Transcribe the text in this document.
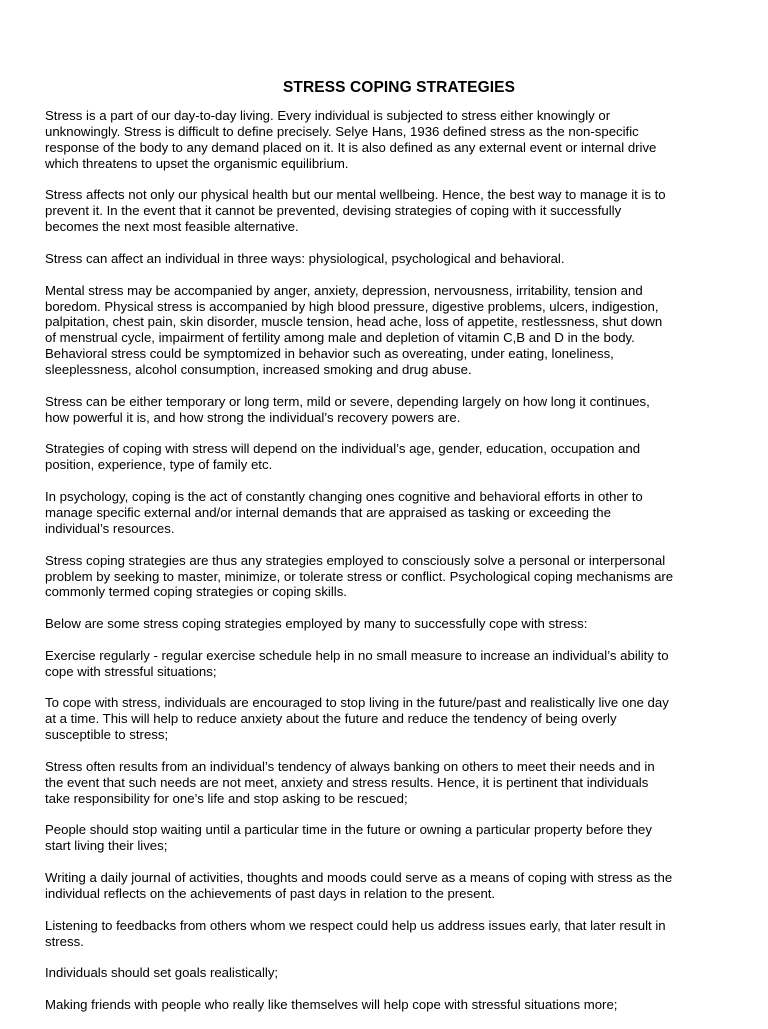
STRESS COPING STRATEGIES

Stress is a part of our day-to-day living. Every individual is subjected to stress either knowingly or
unknowingly. Stress is difficult to define precisely. Selye Hans, 1936 defined stress as the non-specific
response of the body to any demand placed on it. It is also defined as any external event or internal drive
which threatens to upset the organismic equilibrium.

Stress affects not only our physical health but our mental wellbeing. Hence, the best way to manage it is to
prevent it. In the event that it cannot be prevented, devising strategies of coping with it successfully
becomes the next most feasible alternative.

Stress can affect an individual in three ways: physiological, psychological and behavioral.

Mental stress may be accompanied by anger, anxiety, depression, nervousness, irritability, tension and
boredom. Physical stress is accompanied by high blood pressure, digestive problems, ulcers, indigestion,
palpitation, chest pain, skin disorder, muscle tension, head ache, loss of appetite, restlessness, shut down
of menstrual cycle, impairment of fertility among male and depletion of vitamin C,B and D in the body.
Behavioral stress could be symptomized in behavior such as overeating, under eating, loneliness,
sleeplessness, alcohol consumption, increased smoking and drug abuse.

Stress can be either temporary or long term, mild or severe, depending largely on how long it continues,
how powerful it is, and how strong the individual’s recovery powers are.

Strategies of coping with stress will depend on the individual’s age, gender, education, occupation and
position, experience, type of family etc.

In psychology, coping is the act of constantly changing ones cognitive and behavioral efforts in other to
manage specific external and/or internal demands that are appraised as tasking or exceeding the
individual’s resources.

Stress coping strategies are thus any strategies employed to consciously solve a personal or interpersonal
problem by seeking to master, minimize, or tolerate stress or conflict. Psychological coping mechanisms are
commonly termed coping strategies or coping skills.

Below are some stress coping strategies employed by many to successfully cope with stress:

Exercise regularly - regular exercise schedule help in no small measure to increase an individual’s ability to
cope with stressful situations;

To cope with stress, individuals are encouraged to stop living in the future/past and realistically live one day
at a time. This will help to reduce anxiety about the future and reduce the tendency of being overly
susceptible to stress;

Stress often results from an individual’s tendency of always banking on others to meet their needs and in
the event that such needs are not meet, anxiety and stress results. Hence, it is pertinent that individuals
take responsibility for one’s life and stop asking to be rescued;

People should stop waiting until a particular time in the future or owning a particular property before they
start living their lives;

Writing a daily journal of activities, thoughts and moods could serve as a means of coping with stress as the
individual reflects on the achievements of past days in relation to the present.

Listening to feedbacks from others whom we respect could help us address issues early, that later result in
stress.

Individuals should set goals realistically;

Making friends with people who really like themselves will help cope with stressful situations more;
